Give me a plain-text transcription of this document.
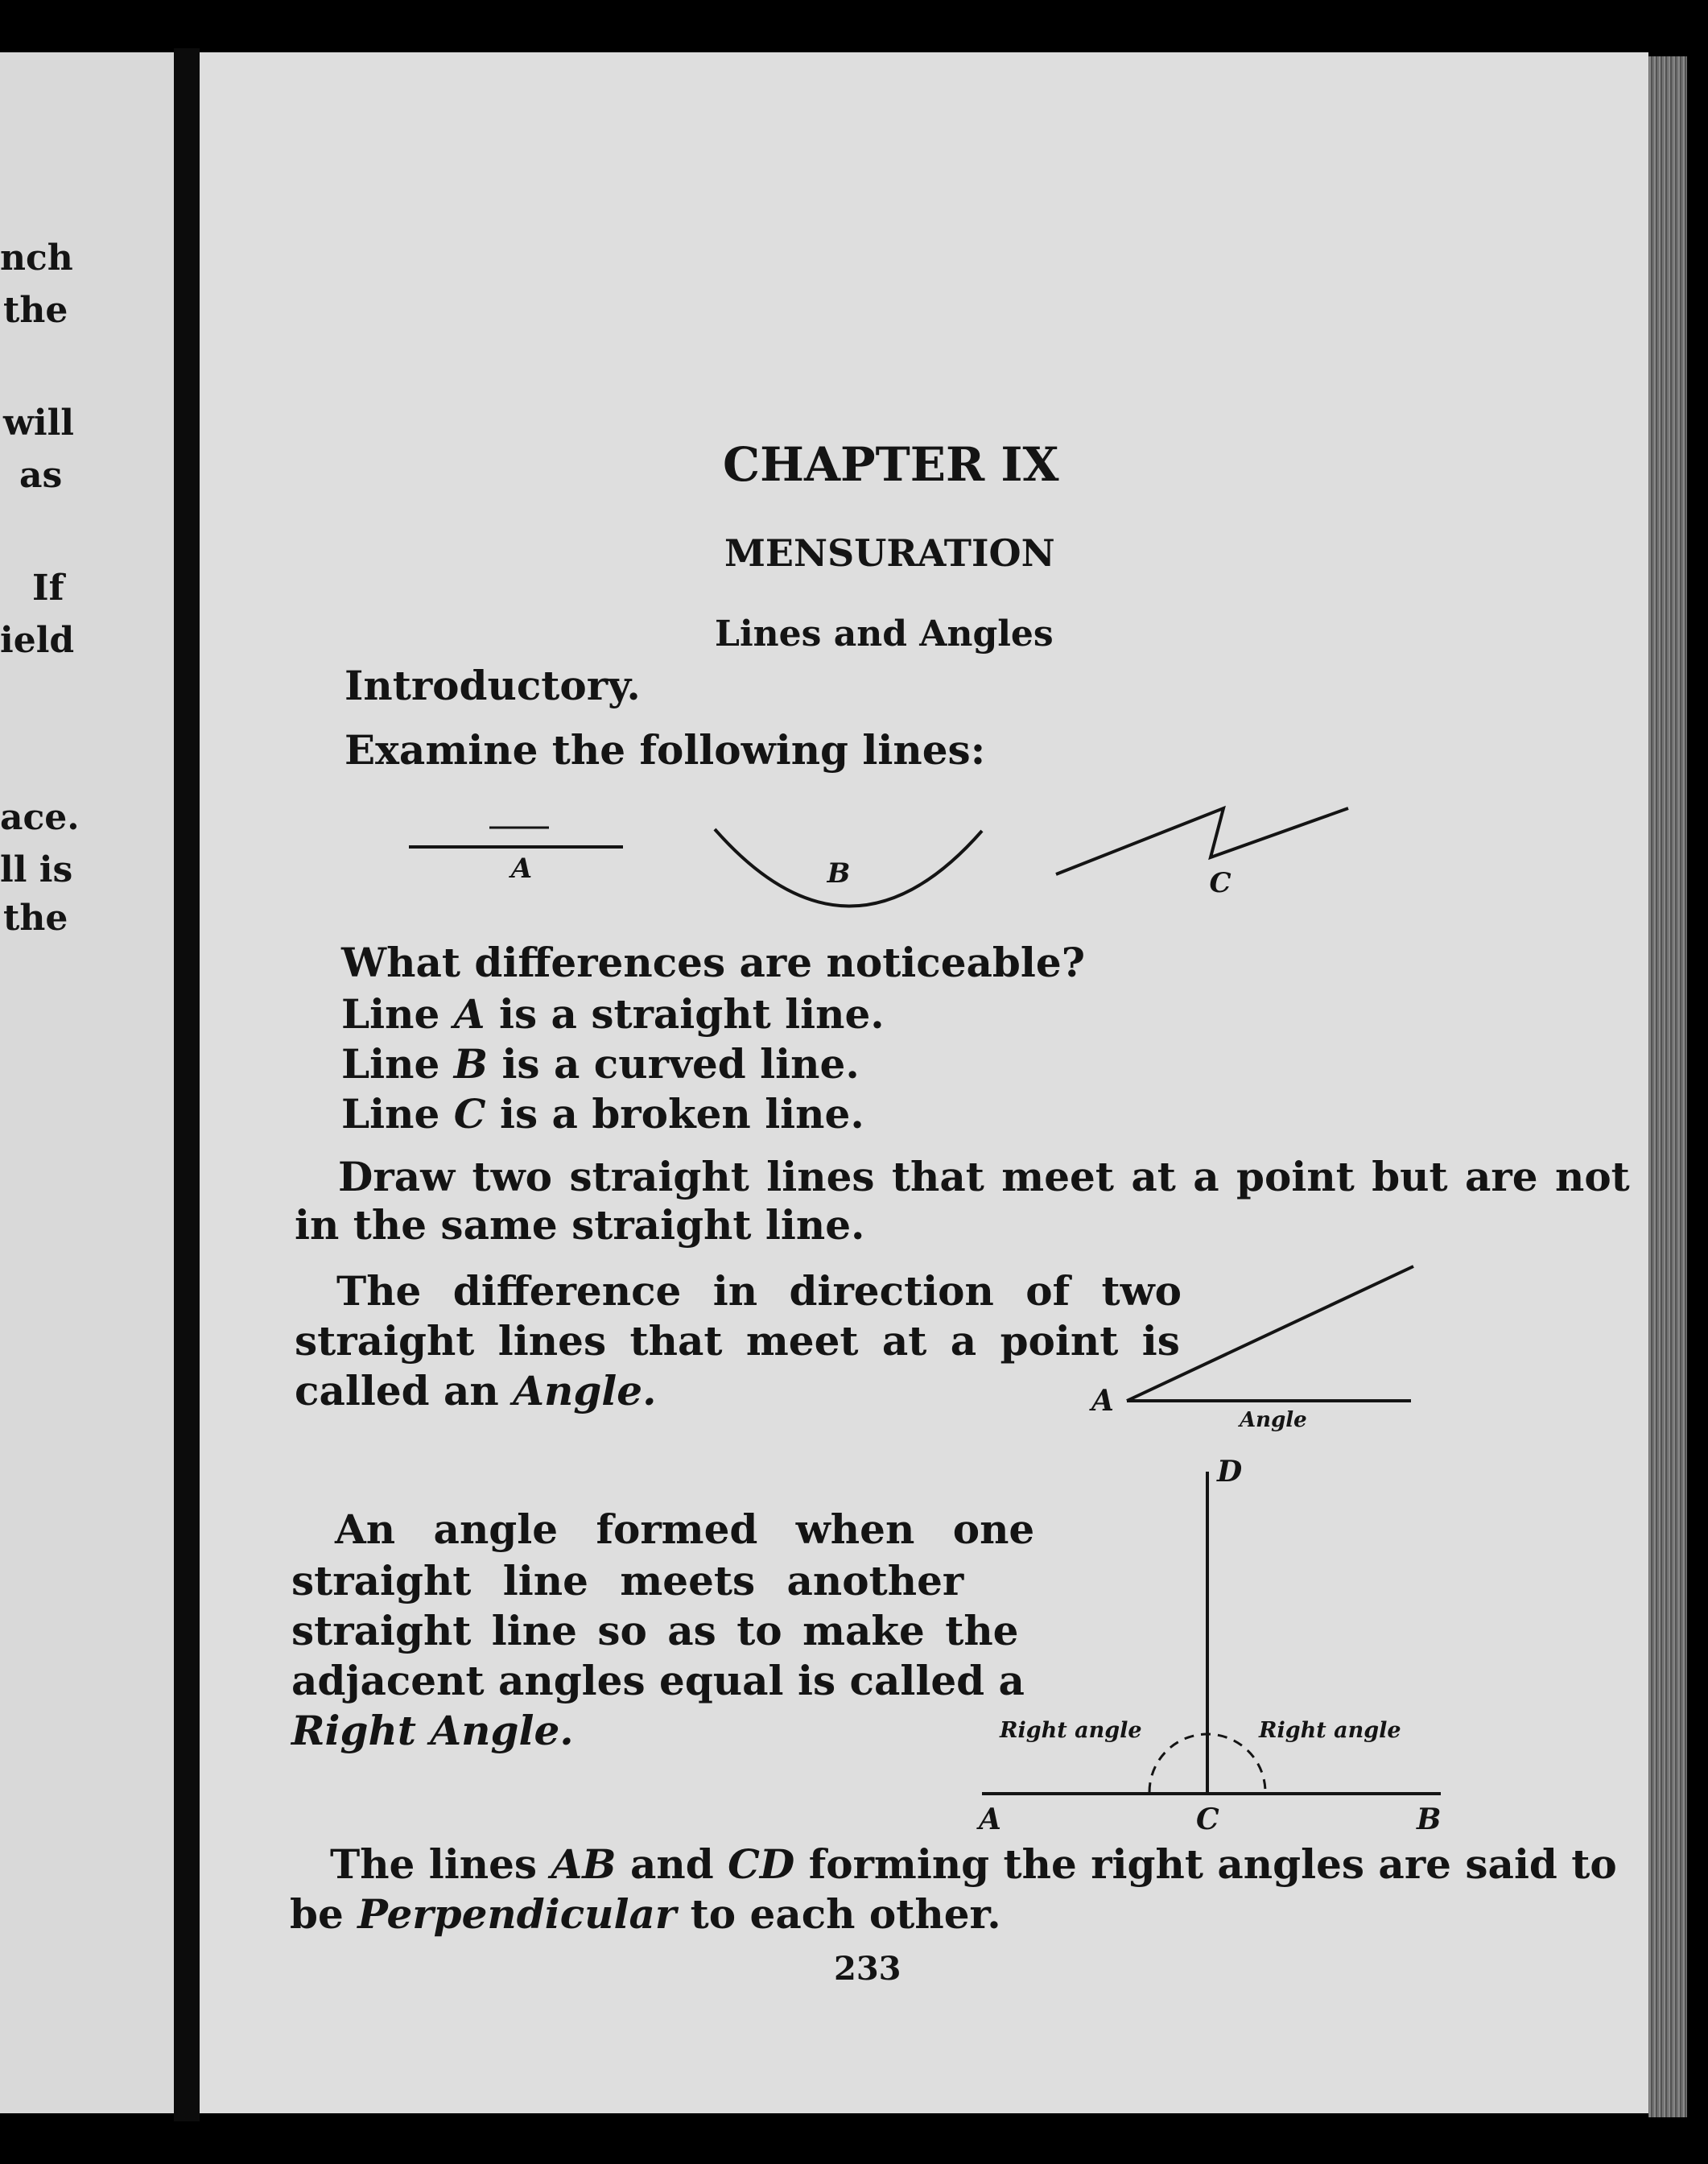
nch
the
will
as
If
ield
ace.
ll is
the
CHAPTER IX
MENSURATION
Lines and Angles
Introductory.
Examine the following lines:
A	B	C
What differences are noticeable?
Line A is a straight line.
Line B is a curved line.
Line C is a broken line.
Draw two straight lines that meet at a point but are not
in the same straight line.
The difference in direction of two
straight lines that meet at a point is
called an Angle.	A
Angle
An angle formed when one
straight line meets another
straight line so as to make the
adjacent angles equal is called a
Right Angle.
D
A	C	B
Right angle	Right angle
The lines AB and CD forming the right angles are said to
be Perpendicular to each other.
233
